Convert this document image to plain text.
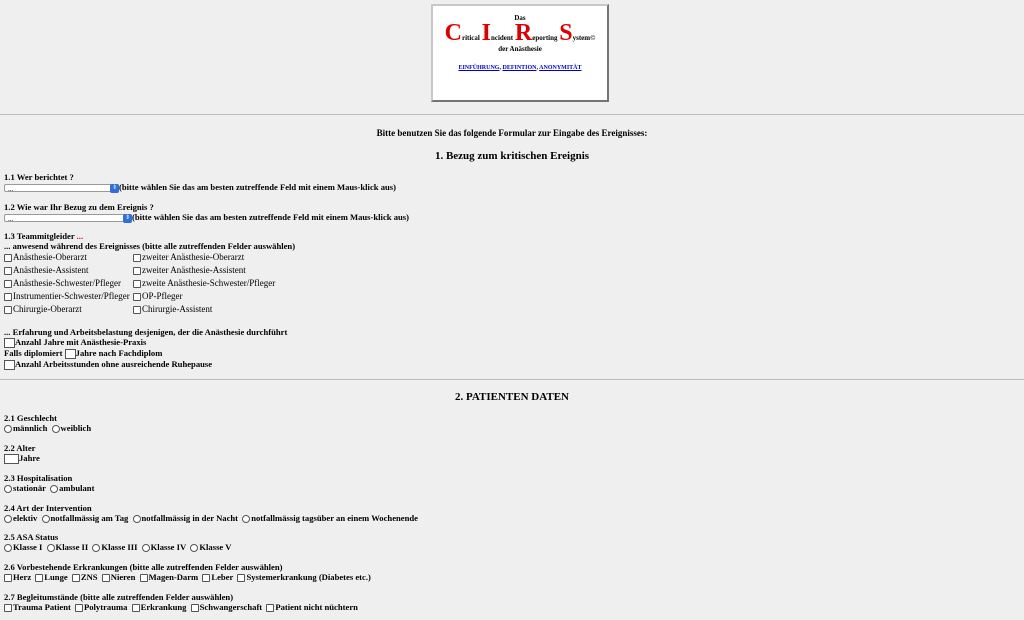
Das
Critical Incident Reporting System©
der Anästhesie
EINFÜHRUNG, DEFINTION, ANONYMITÄT
Bitte benutzen Sie das folgende Formular zur Eingabe des Ereignisses:
1. Bezug zum kritischen Ereignis
1.1 Wer berichtet ?
...	⇕ (bitte wählen Sie das am besten zutreffende Feld mit einem Maus-klick aus)
1.2 Wie war Ihr Bezug zu dem Ereignis ?
...	⇕ (bitte wählen Sie das am besten zutreffende Feld mit einem Maus-klick aus)
1.3 Teammitgleider ...
... anwesend während des Ereignisses (bitte alle zutreffenden Felder auswählen)
Anästhesie-Oberarzt
Anästhesie-Assistent
Anästhesie-Schwester/Pfleger
Instrumentier-Schwester/Pfleger
Chirurgie-Oberarzt
zweiter Anästhesie-Oberarzt
zweiter Anästhesie-Assistent
zweite Anästhesie-Schwester/Pfleger
OP-Pfleger
Chirurgie-Assistent
... Erfahrung und Arbeitsbelastung desjenigen, der die Anästhesie durchführt
Anzahl Jahre mit Anästhesie-Praxis
Falls diplomiert Jahre nach Fachdiplom
Anzahl Arbeitsstunden ohne ausreichende Ruhepause
2. PATIENTEN DATEN
2.1 Geschlecht
männlich weiblich
2.2 Alter
Jahre
2.3 Hospitalisation
stationär ambulant
2.4 Art der Intervention
elektiv notfallmässig am Tag notfallmässig in der Nacht notfallmässig tagsüber an einem Wochenende
2.5 ASA Status
Klasse I Klasse II Klasse III Klasse IV Klasse V
2.6 Vorbestehende Erkrankungen (bitte alle zutreffenden Felder auswählen)
Herz Lunge ZNS Nieren Magen-Darm Leber Systemerkrankung (Diabetes etc.)
2.7 Begleitumstände (bitte alle zutreffenden Felder auswählen)
Trauma Patient Polytrauma Erkrankung Schwangerschaft Patient nicht nüchtern
